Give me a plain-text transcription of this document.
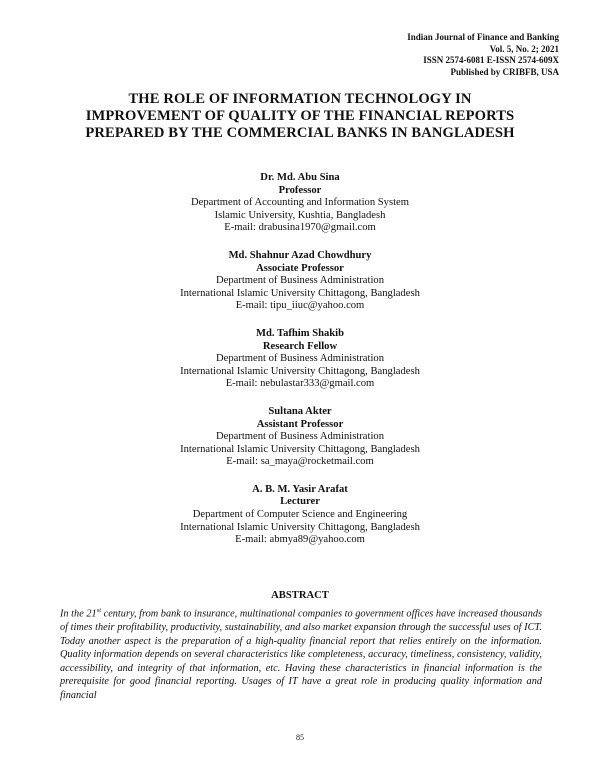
Indian Journal of Finance and Banking
Vol. 5, No. 2; 2021
ISSN 2574-6081 E-ISSN 2574-609X
Published by CRIBFB, USA
THE ROLE OF INFORMATION TECHNOLOGY IN
IMPROVEMENT OF QUALITY OF THE FINANCIAL REPORTS
PREPARED BY THE COMMERCIAL BANKS IN BANGLADESH
Dr. Md. Abu Sina
Professor
Department of Accounting and Information System
Islamic University, Kushtia, Bangladesh
E-mail: drabusina1970@gmail.com
Md. Shahnur Azad Chowdhury
Associate Professor
Department of Business Administration
International Islamic University Chittagong, Bangladesh
E-mail: tipu_iiuc@yahoo.com
Md. Tafhim Shakib
Research Fellow
Department of Business Administration
International Islamic University Chittagong, Bangladesh
E-mail: nebulastar333@gmail.com
Sultana Akter
Assistant Professor
Department of Business Administration
International Islamic University Chittagong, Bangladesh
E-mail: sa_maya@rocketmail.com
A. B. M. Yasir Arafat
Lecturer
Department of Computer Science and Engineering
International Islamic University Chittagong, Bangladesh
E-mail: abmya89@yahoo.com
ABSTRACT
In the 21st century, from bank to insurance, multinational companies to government offices have increased thousands of times their profitability, productivity, sustainability, and also market expansion through the successful uses of ICT. Today another aspect is the preparation of a high-quality financial report that relies entirely on the information. Quality information depends on several characteristics like completeness, accuracy, timeliness, consistency, validity, accessibility, and integrity of that information, etc. Having these characteristics in financial information is the prerequisite for good financial reporting. Usages of IT have a great role in producing quality information and financial
85
